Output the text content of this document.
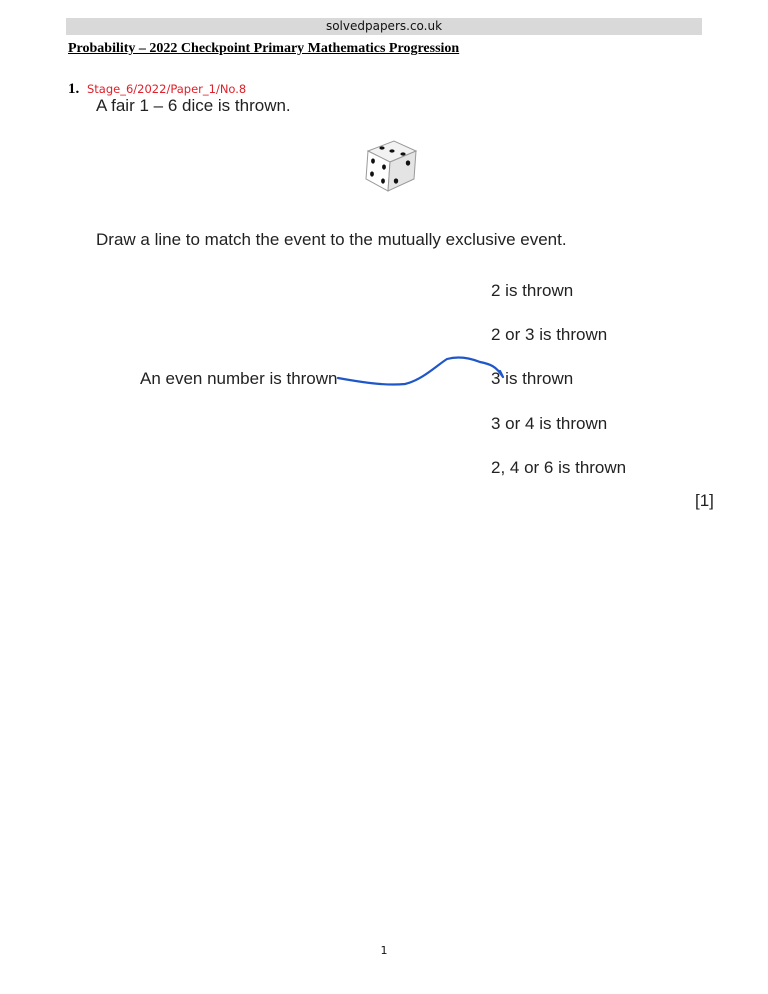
solvedpapers.co.uk
Probability – 2022 Checkpoint Primary Mathematics Progression
1. Stage_6/2022/Paper_1/No.8
A fair 1 – 6 dice is thrown.
Draw a line to match the event to the mutually exclusive event.
2 is thrown
2 or 3 is thrown
3 is thrown
3 or 4 is thrown
2, 4 or 6 is thrown
An even number is thrown
[1]
1
